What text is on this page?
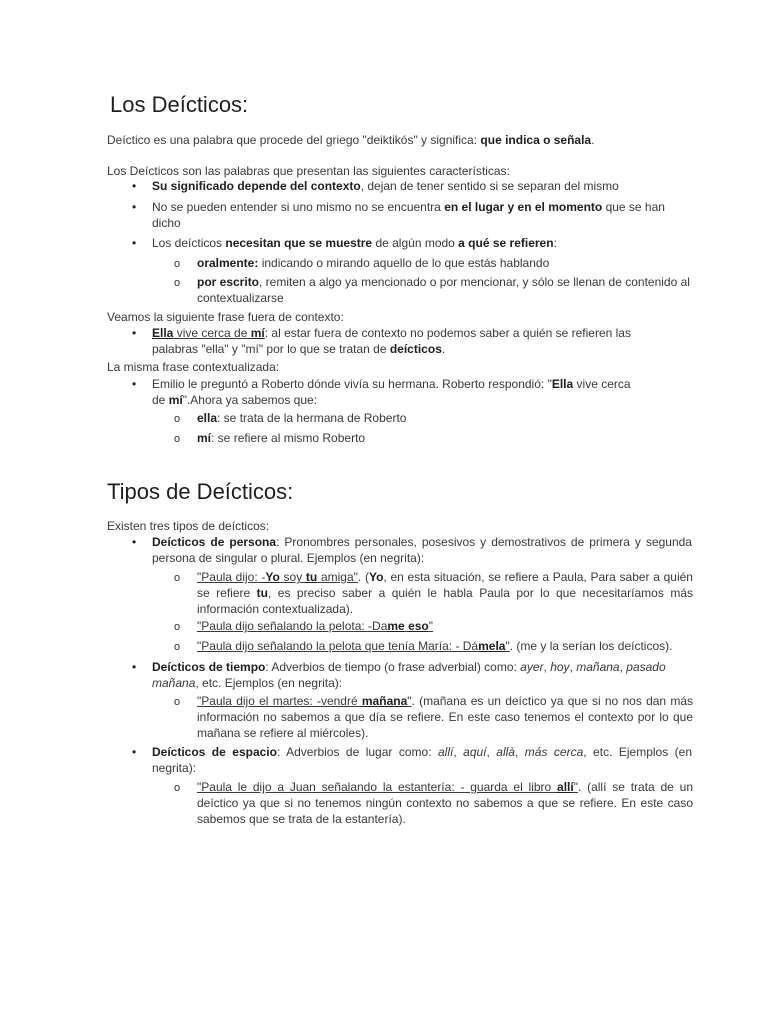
Los Deícticos:
Deíctico es una palabra que procede del griego "deiktikós" y significa: que indica o señala.
Los Deícticos son las palabras que presentan las siguientes características:
• Su significado depende del contexto, dejan de tener sentido si se separan del mismo
• No se pueden entender si uno mismo no se encuentra en el lugar y en el momento que se han
dicho
• Los deícticos necesitan que se muestre de algún modo a qué se refieren:
o oralmente: indicando o mirando aquello de lo que estás hablando
o por escrito, remiten a algo ya mencionado o por mencionar, y sólo se llenan de contenido al
contextualizarse
Veamos la siguiente frase fuera de contexto:
• Ella vive cerca de mí: al estar fuera de contexto no podemos saber a quién se refieren las
palabras "ella" y "mí" por lo que se tratan de deícticos.
La misma frase contextualizada:
• Emilio le preguntó a Roberto dónde vivía su hermana. Roberto respondió: "Ella vive cerca
de mí".Ahora ya sabemos que:
o ella: se trata de la hermana de Roberto
o mí: se refiere al mismo Roberto
Tipos de Deícticos:
Existen tres tipos de deícticos:
• Deícticos de persona: Pronombres personales, posesivos y demostrativos de primera y segunda persona de singular o plural. Ejemplos (en negrita):
o "Paula dijo: -Yo soy tu amiga". (Yo, en esta situación, se refiere a Paula, Para saber a quién se refiere tu, es preciso saber a quién le habla Paula por lo que necesitaríamos más información contextualizada).
o "Paula dijo señalando la pelota: -Dame eso"
o "Paula dijo señalando la pelota que tenía María: - Dámela". (me y la serían los deícticos).
• Deícticos de tiempo: Adverbios de tiempo (o frase adverbial) como: ayer, hoy, mañana, pasado
mañana, etc. Ejemplos (en negrita):
o "Paula dijo el martes: -vendré mañana". (mañana es un deíctico ya que si no nos dan más información no sabemos a que día se refiere. En este caso tenemos el contexto por lo que mañana se refiere al miércoles).
• Deícticos de espacio: Adverbios de lugar como: allí, aquí, allà, más cerca, etc. Ejemplos (en negrita):
o "Paula le dijo a Juan señalando la estantería: - guarda el libro allí". (allí se trata de un deíctico ya que si no tenemos ningún contexto no sabemos a que se refiere. En este caso sabemos que se trata de la estantería).
